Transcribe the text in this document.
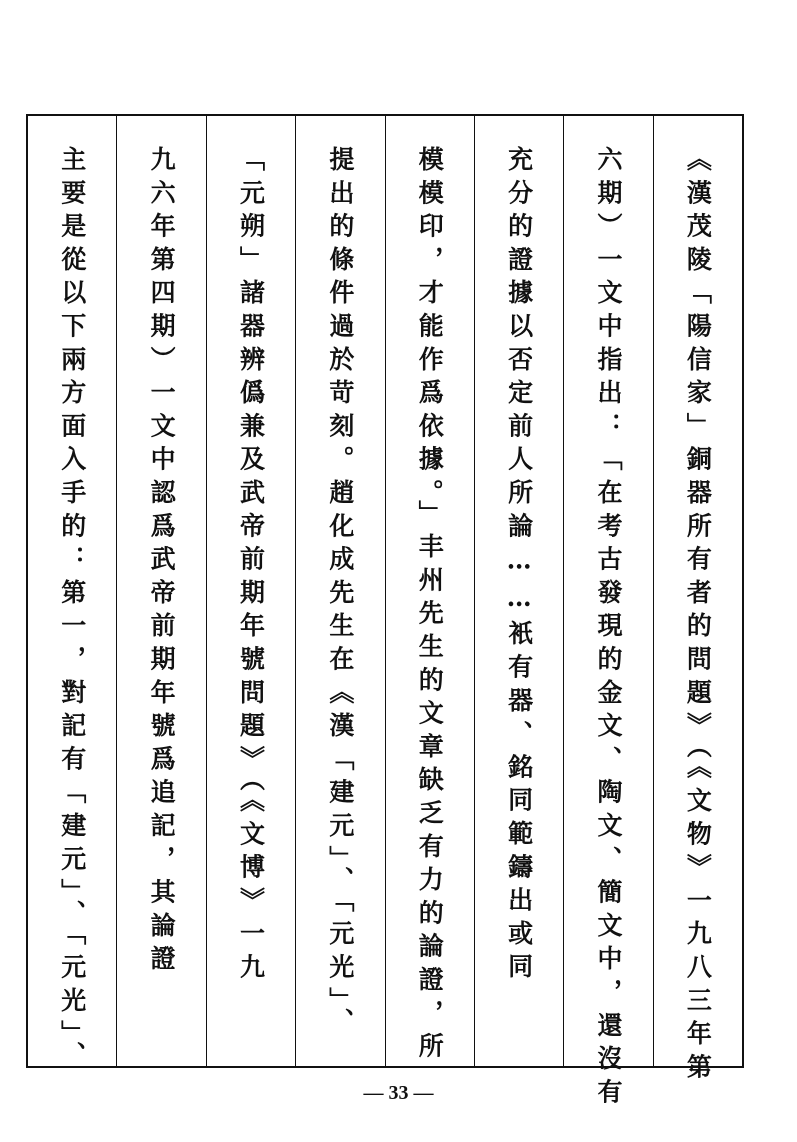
《漢茂陵「陽信家」銅器所有者的問題》（《文物》一九八三年第

六期）一文中指出：「在考古發現的金文、陶文、簡文中，還沒有

充分的證據以否定前人所論……衹有器、銘同範鑄出或同

模模印，才能作爲依據。」丰州先生的文章缺乏有力的論證，所

提出的條件過於苛刻。趙化成先生在《漢「建元」、「元光」、

「元朔」諸器辨僞兼及武帝前期年號問題》（《文博》一九

九六年第四期）一文中認爲武帝前期年號爲追記，其論證

主要是從以下兩方面入手的：第一，對記有「建元」、「元光」、

— 33 —
